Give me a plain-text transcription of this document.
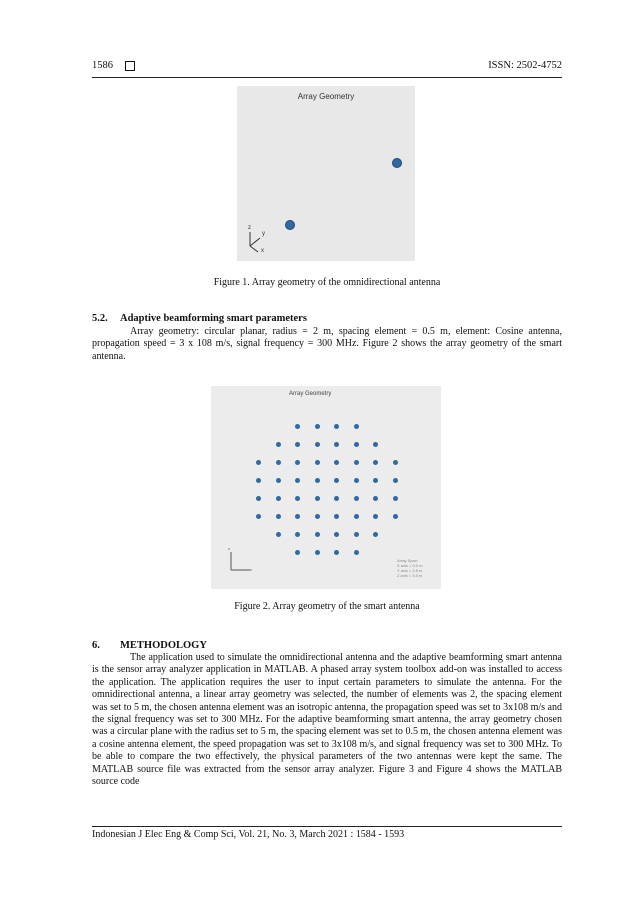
1586	ISSN: 2502-4752
Array Geometry
z
y
x
Figure 1. Array geometry of the omnidirectional antenna
5.2. Adaptive beamforming smart parameters

Array geometry: circular planar, radius = 2 m, spacing element = 0.5 m, element: Cosine antenna, propagation speed = 3 x 108 m/s, signal frequency = 300 MHz. Figure 2 shows the array geometry of the smart antenna.

Array Geometry
z
x
Array Span:
X axis = 0.0 m
Y axis = 3.5 m
Z axis = 3.5 m
Figure 2. Array geometry of the smart antenna
6. METHODOLOGY

The application used to simulate the omnidirectional antenna and the adaptive beamforming smart antenna is the sensor array analyzer application in MATLAB. A phased array system toolbox add-on was installed to access the application. The application requires the user to input certain parameters to simulate the antenna. For the omnidirectional antenna, a linear array geometry was selected, the number of elements was 2, the spacing element was set to 5 m, the chosen antenna element was an isotropic antenna, the propagation speed was set to 3x108 m/s and the signal frequency was set to 300 MHz. For the adaptive beamforming smart antenna, the array geometry chosen was a circular plane with the radius set to 5 m, the spacing element was set to 0.5 m, the chosen antenna element was a cosine antenna element, the speed propagation was set to 3x108 m/s, and signal frequency was set to 300 MHz. To be able to compare the two effectively, the physical parameters of the two antennas were kept the same. The MATLAB source file was extracted from the sensor array analyzer. Figure 3 and Figure 4 shows the MATLAB source code

Indonesian J Elec Eng & Comp Sci, Vol. 21, No. 3, March 2021 : 1584 - 1593
